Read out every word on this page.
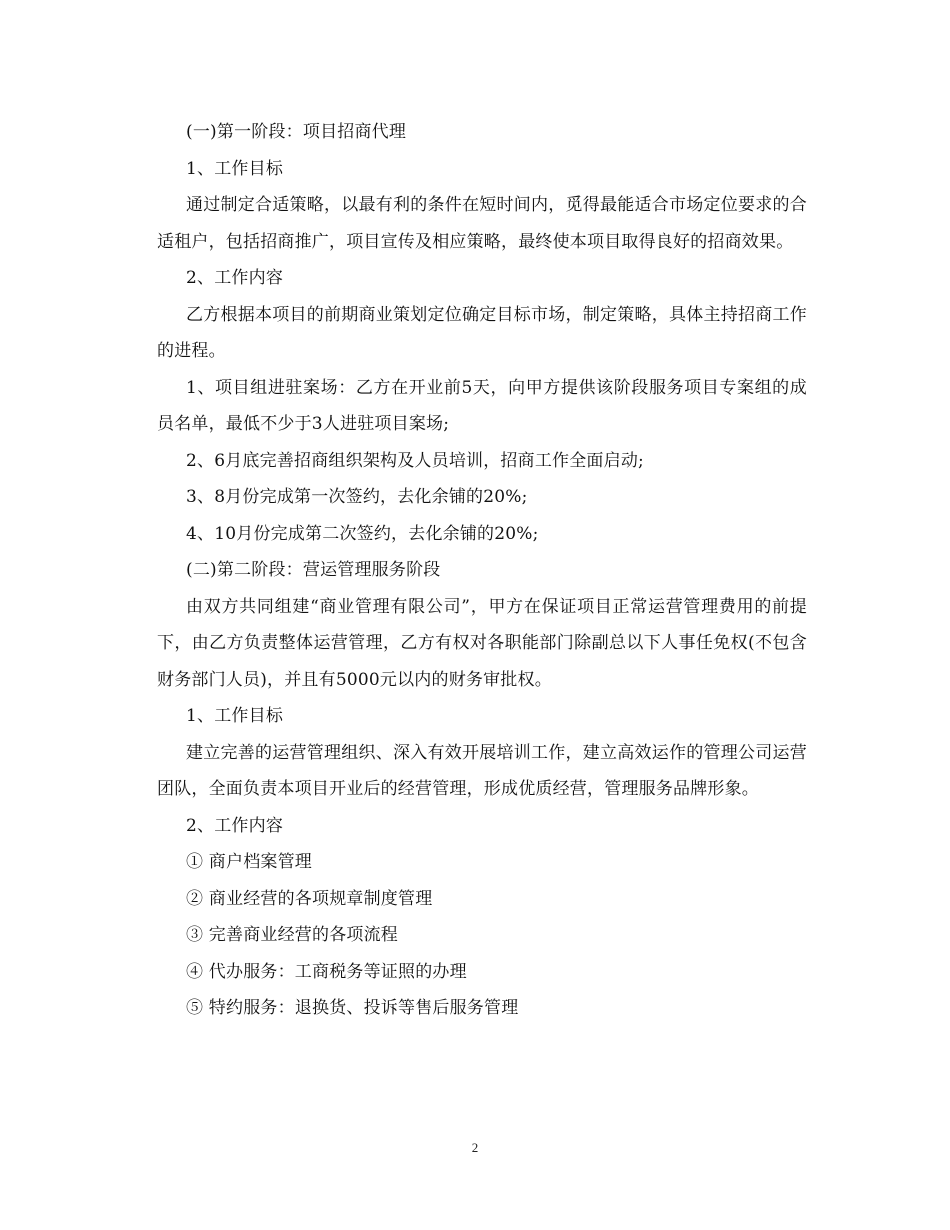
(一)第一阶段：项目招商代理

1、工作目标

通过制定合适策略，以最有利的条件在短时间内，觅得最能适合市场定位要求的合适租户，包括招商推广，项目宣传及相应策略，最终使本项目取得良好的招商效果。

2、工作内容

乙方根据本项目的前期商业策划定位确定目标市场，制定策略，具体主持招商工作的进程。

1、项目组进驻案场：乙方在开业前5天，向甲方提供该阶段服务项目专案组的成员名单，最低不少于3人进驻项目案场;

2、6月底完善招商组织架构及人员培训，招商工作全面启动;

3、8月份完成第一次签约，去化余铺的20%;

4、10月份完成第二次签约，去化余铺的20%;

(二)第二阶段：营运管理服务阶段

由双方共同组建“商业管理有限公司”，甲方在保证项目正常运营管理费用的前提下，由乙方负责整体运营管理，乙方有权对各职能部门除副总以下人事任免权(不包含财务部门人员)，并且有5000元以内的财务审批权。

1、工作目标

建立完善的运营管理组织、深入有效开展培训工作，建立高效运作的管理公司运营团队，全面负责本项目开业后的经营管理，形成优质经营，管理服务品牌形象。

2、工作内容

① 商户档案管理

② 商业经营的各项规章制度管理

③ 完善商业经营的各项流程

④ 代办服务：工商税务等证照的办理

⑤ 特约服务：退换货、投诉等售后服务管理

2
